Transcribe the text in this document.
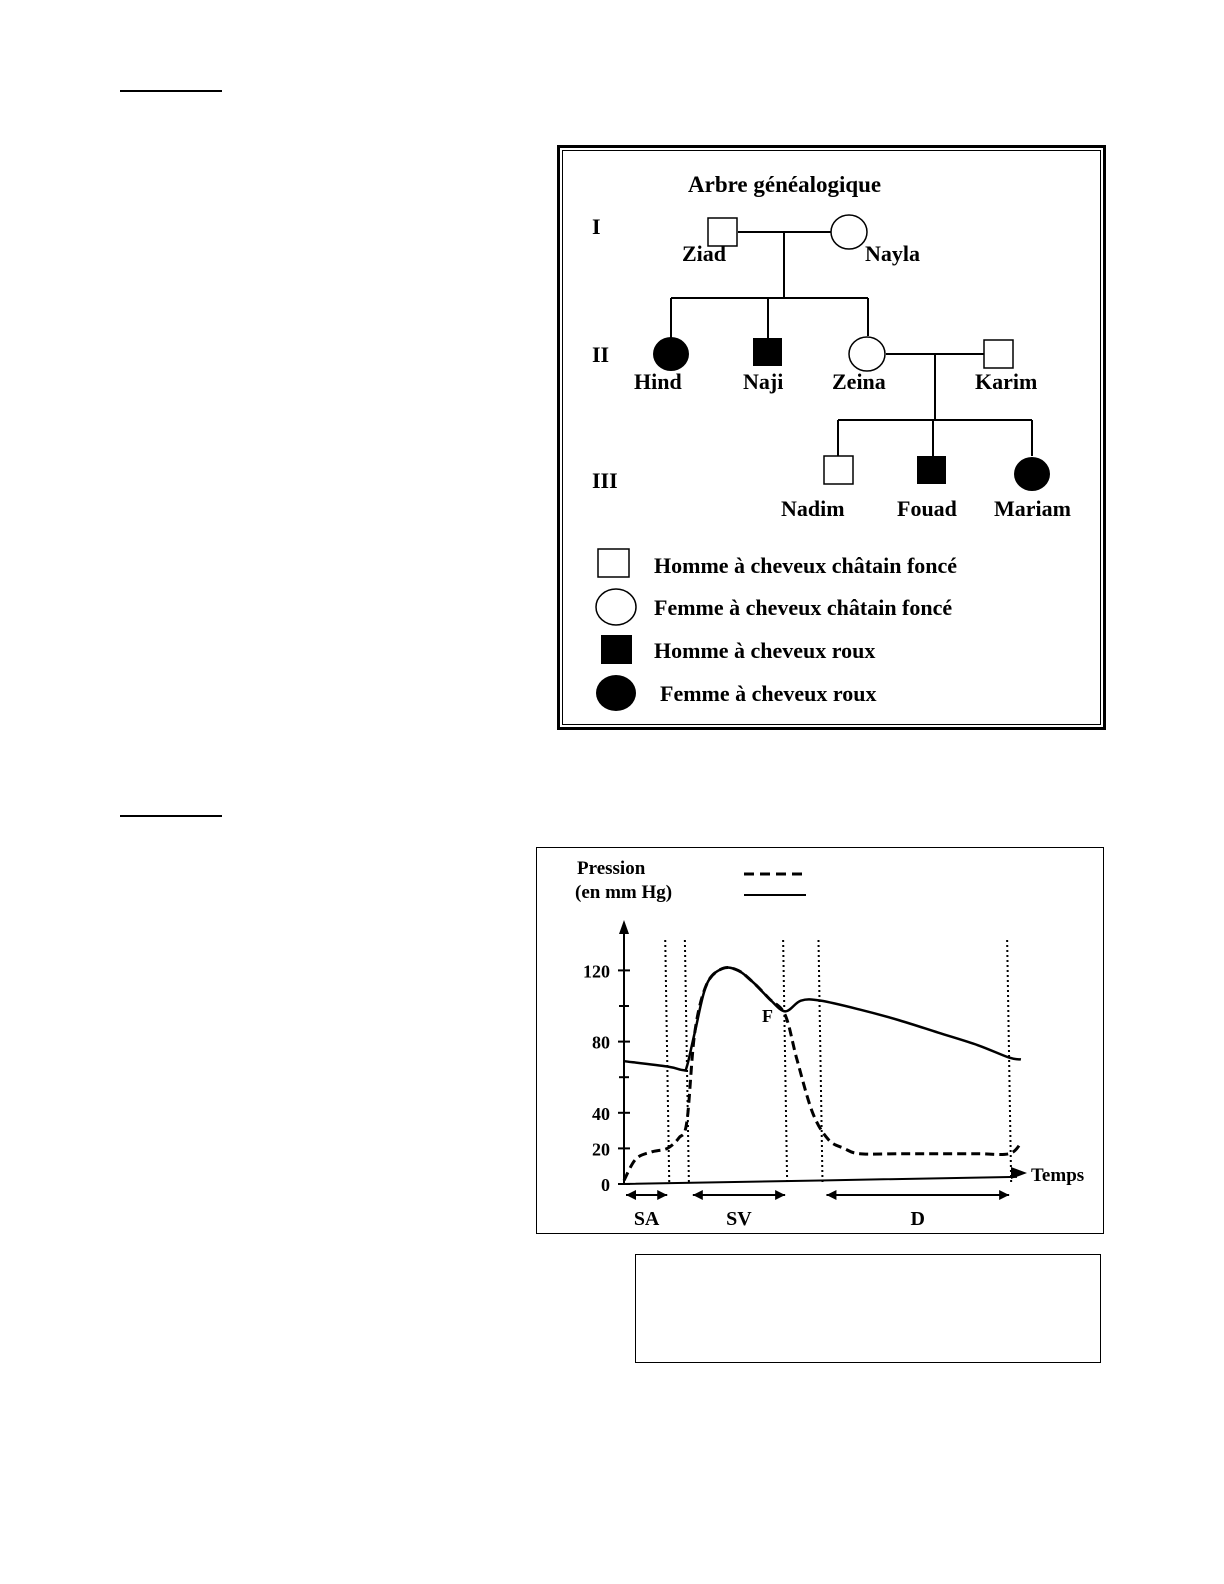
Arbre généalogique
I
II
III
Ziad	Nayla
Hind	Naji Zeina	Karim
Nadim Fouad Mariam
Homme à cheveux châtain foncé
Femme à cheveux châtain foncé
Homme à cheveux roux
Femme à cheveux roux
Pression
(en mm Hg)
0
20
40
80
120
Temps
SA	SV	D
F
